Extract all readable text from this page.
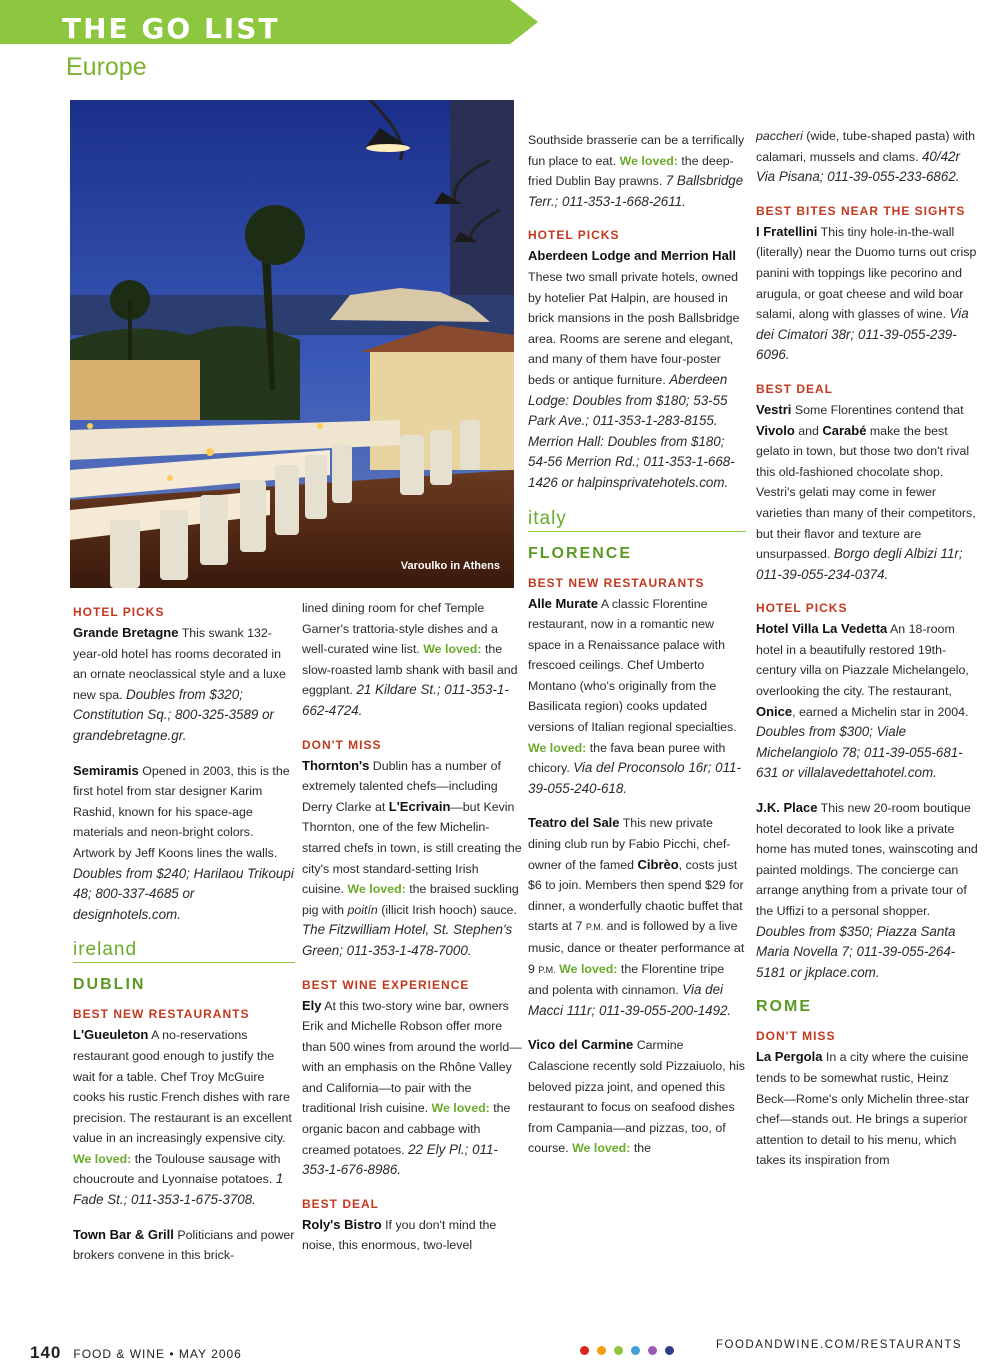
THE GO LIST
Europe
Varoulko in Athens
HOTEL PICKS

Grande Bretagne This swank 132-year-old hotel has rooms decorated in an ornate neoclassical style and a luxe new spa. Doubles from $320; Constitution Sq.; 800-325-3589 or grandebretagne.gr.

Semiramis Opened in 2003, this is the first hotel from star designer Karim Rashid, known for his space-age materials and neon-bright colors. Artwork by Jeff Koons lines the walls. Doubles from $240; Harilaou Trikoupi 48; 800-337-4685 or designhotels.com.

ireland
DUBLIN
BEST NEW RESTAURANTS

L'Gueuleton A no-reservations restaurant good enough to justify the wait for a table. Chef Troy McGuire cooks his rustic French dishes with rare precision. The restaurant is an excellent value in an increasingly expensive city. We loved: the Toulouse sausage with choucroute and Lyonnaise potatoes. 1 Fade St.; 011-353-1-675-3708.

Town Bar & Grill Politicians and power brokers convene in this brick-

lined dining room for chef Temple Garner's trattoria-style dishes and a well-curated wine list. We loved: the slow-roasted lamb shank with basil and eggplant. 21 Kildare St.; 011-353-1-662-4724.

DON'T MISS

Thornton's Dublin has a number of extremely talented chefs—including Derry Clarke at L'Ecrivain—but Kevin Thornton, one of the few Michelin-starred chefs in town, is still creating the city's most standard-setting Irish cuisine. We loved: the braised suckling pig with poitín (illicit Irish hooch) sauce. The Fitzwilliam Hotel, St. Stephen's Green; 011-353-1-478-7000.

BEST WINE EXPERIENCE

Ely At this two-story wine bar, owners Erik and Michelle Robson offer more than 500 wines from around the world—with an emphasis on the Rhône Valley and California—to pair with the traditional Irish cuisine. We loved: the organic bacon and cabbage with creamed potatoes. 22 Ely Pl.; 011-353-1-676-8986.

BEST DEAL

Roly's Bistro If you don't mind the noise, this enormous, two-level

Southside brasserie can be a terrifically fun place to eat. We loved: the deep-fried Dublin Bay prawns. 7 Ballsbridge Terr.; 011-353-1-668-2611.

HOTEL PICKS

Aberdeen Lodge and Merrion Hall These two small private hotels, owned by hotelier Pat Halpin, are housed in brick mansions in the posh Ballsbridge area. Rooms are serene and elegant, and many of them have four-poster beds or antique furniture. Aberdeen Lodge: Doubles from $180; 53-55 Park Ave.; 011-353-1-283-8155. Merrion Hall: Doubles from $180; 54-56 Merrion Rd.; 011-353-1-668-1426 or halpinsprivatehotels.com.

italy
FLORENCE
BEST NEW RESTAURANTS

Alle Murate A classic Florentine restaurant, now in a romantic new space in a Renaissance palace with frescoed ceilings. Chef Umberto Montano (who's originally from the Basilicata region) cooks updated versions of Italian regional specialties. We loved: the fava bean puree with chicory. Via del Proconsolo 16r; 011-39-055-240-618.

Teatro del Sale This new private dining club run by Fabio Picchi, chef-owner of the famed Cibrèo, costs just $6 to join. Members then spend $29 for dinner, a wonderfully chaotic buffet that starts at 7 P.M. and is followed by a live music, dance or theater performance at 9 P.M. We loved: the Florentine tripe and polenta with cinnamon. Via dei Macci 111r; 011-39-055-200-1492.

Vico del Carmine Carmine Calascione recently sold Pizzaiuolo, his beloved pizza joint, and opened this restaurant to focus on seafood dishes from Campania—and pizzas, too, of course. We loved: the

paccheri (wide, tube-shaped pasta) with calamari, mussels and clams. 40/42r Via Pisana; 011-39-055-233-6862.

BEST BITES NEAR THE SIGHTS

I Fratellini This tiny hole-in-the-wall (literally) near the Duomo turns out crisp panini with toppings like pecorino and arugula, or goat cheese and wild boar salami, along with glasses of wine. Via dei Cimatori 38r; 011-39-055-239-6096.

BEST DEAL

Vestri Some Florentines contend that Vivolo and Carabé make the best gelato in town, but those two don't rival this old-fashioned chocolate shop. Vestri's gelati may come in fewer varieties than many of their competitors, but their flavor and texture are unsurpassed. Borgo degli Albizi 11r; 011-39-055-234-0374.

HOTEL PICKS

Hotel Villa La Vedetta An 18-room hotel in a beautifully restored 19th-century villa on Piazzale Michelangelo, overlooking the city. The restaurant, Onice, earned a Michelin star in 2004. Doubles from $300; Viale Michelangiolo 78; 011-39-055-681-631 or villalavedettahotel.com.

J.K. Place This new 20-room boutique hotel decorated to look like a private home has muted tones, wainscoting and painted moldings. The concierge can arrange anything from a private tour of the Uffizi to a personal shopper. Doubles from $350; Piazza Santa Maria Novella 7; 011-39-055-264-5181 or jkplace.com.

ROME
DON'T MISS

La Pergola In a city where the cuisine tends to be somewhat rustic, Heinz Beck—Rome's only Michelin three-star chef—stands out. He brings a superior attention to detail to his menu, which takes its inspiration from

140 FOOD & WINE • MAY 2006
FOODANDWINE.COM/RESTAURANTS
